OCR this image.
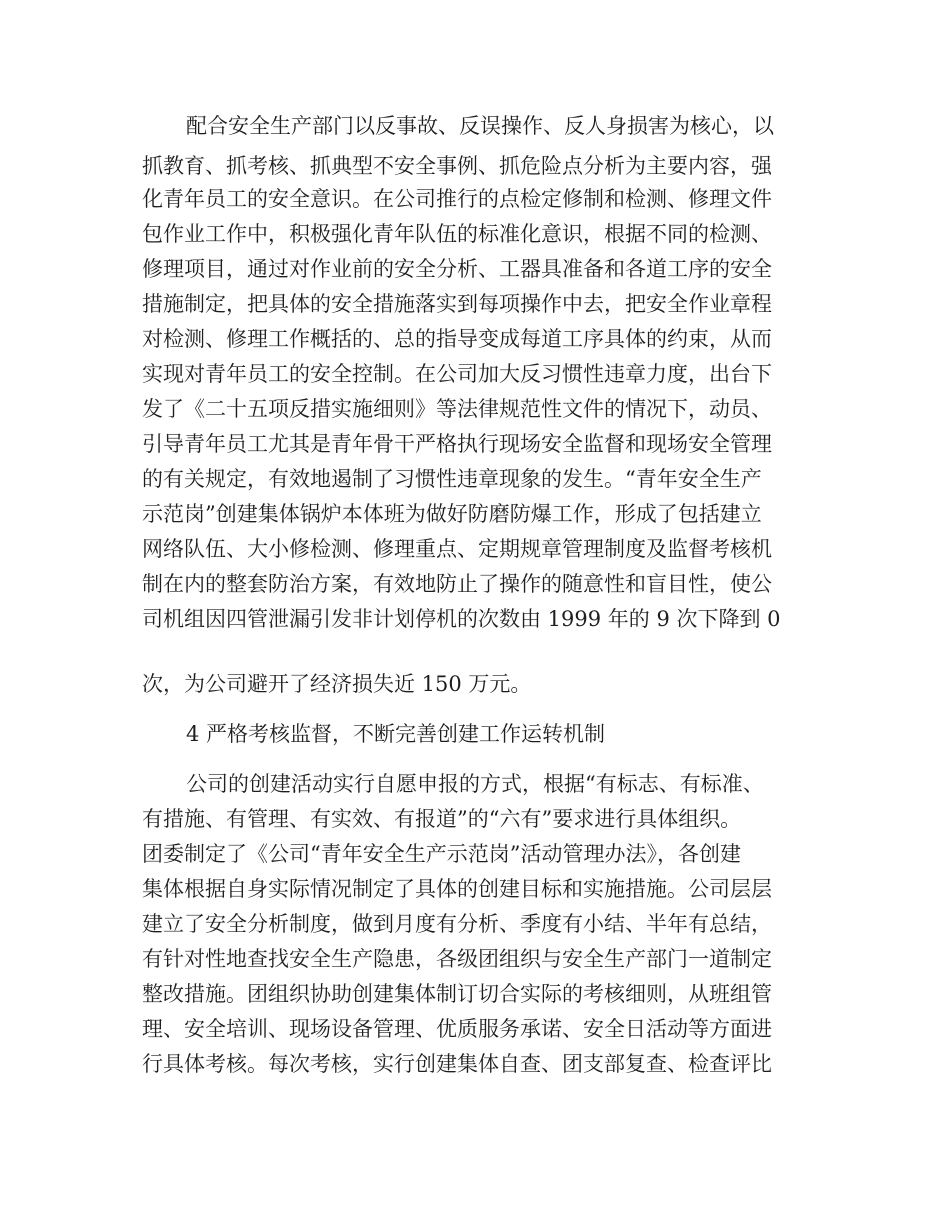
配合安全生产部门以反事故、反误操作、反人身损害为核心，以
抓教育、抓考核、抓典型不安全事例、抓危险点分析为主要内容，强
化青年员工的安全意识。在公司推行的点检定修制和检测、修理文件
包作业工作中，积极强化青年队伍的标准化意识，根据不同的检测、
修理项目，通过对作业前的安全分析、工器具准备和各道工序的安全
措施制定，把具体的安全措施落实到每项操作中去，把安全作业章程
对检测、修理工作概括的、总的指导变成每道工序具体的约束，从而
实现对青年员工的安全控制。在公司加大反习惯性违章力度，出台下
发了《二十五项反措实施细则》等法律规范性文件的情况下，动员、
引导青年员工尤其是青年骨干严格执行现场安全监督和现场安全管理
的有关规定，有效地遏制了习惯性违章现象的发生。“青年安全生产
示范岗”创建集体锅炉本体班为做好防磨防爆工作，形成了包括建立
网络队伍、大小修检测、修理重点、定期规章管理制度及监督考核机
制在内的整套防治方案，有效地防止了操作的随意性和盲目性，使公
司机组因四管泄漏引发非计划停机的次数由 1999 年的 9 次下降到 0
次，为公司避开了经济损失近 150 万元。
4 严格考核监督，不断完善创建工作运转机制
公司的创建活动实行自愿申报的方式，根据“有标志、有标准、
有措施、有管理、有实效、有报道”的“六有”要求进行具体组织。
团委制定了《公司“青年安全生产示范岗”活动管理办法》，各创建
集体根据自身实际情况制定了具体的创建目标和实施措施。公司层层
建立了安全分析制度，做到月度有分析、季度有小结、半年有总结，
有针对性地查找安全生产隐患，各级团组织与安全生产部门一道制定
整改措施。团组织协助创建集体制订切合实际的考核细则，从班组管
理、安全培训、现场设备管理、优质服务承诺、安全日活动等方面进
行具体考核。每次考核，实行创建集体自查、团支部复查、检查评比
